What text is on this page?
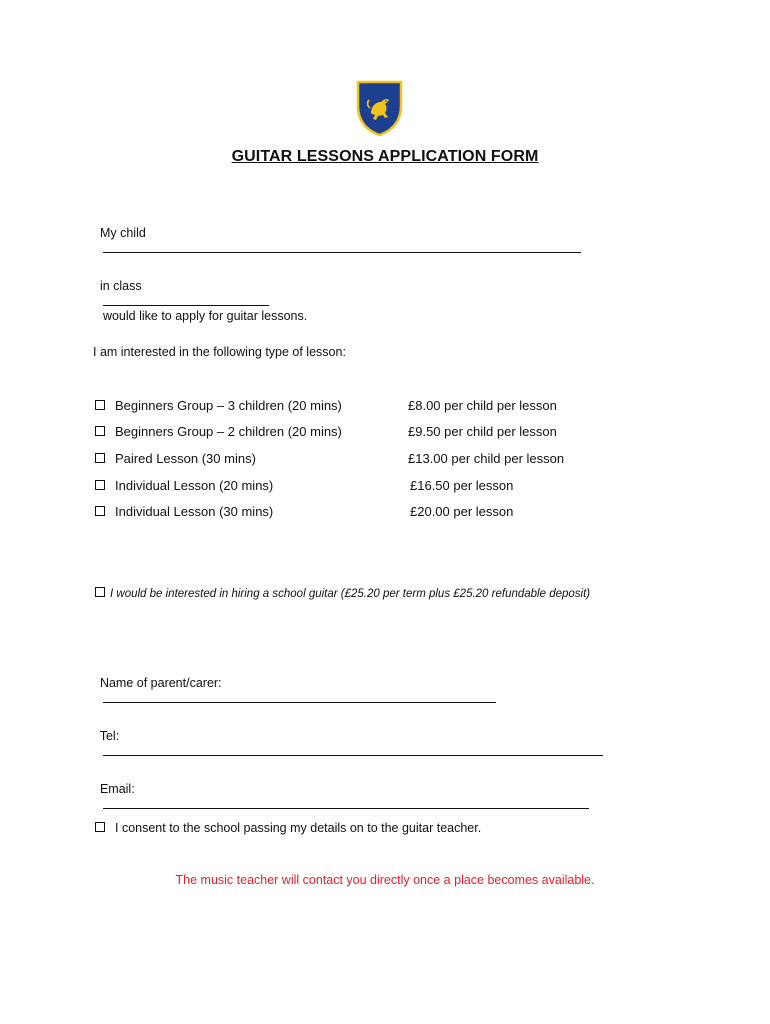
GUITAR LESSONS APPLICATION FORM

My child

in class

would like to apply for guitar lessons.

I am interested in the following type of lesson:
Beginners Group – 3 children (20 mins)	£8.00 per child per lesson
Beginners Group – 2 children (20 mins)	£9.50 per child per lesson
Paired Lesson (30 mins)	£13.00 per child per lesson
Individual Lesson (20 mins)	£16.50 per lesson
Individual Lesson (30 mins)	£20.00 per lesson
I would be interested in hiring a school guitar (£25.20 per term plus £25.20 refundable deposit)

Name of parent/carer:

Tel:

Email:

I consent to the school passing my details on to the guitar teacher.
The music teacher will contact you directly once a place becomes available.
